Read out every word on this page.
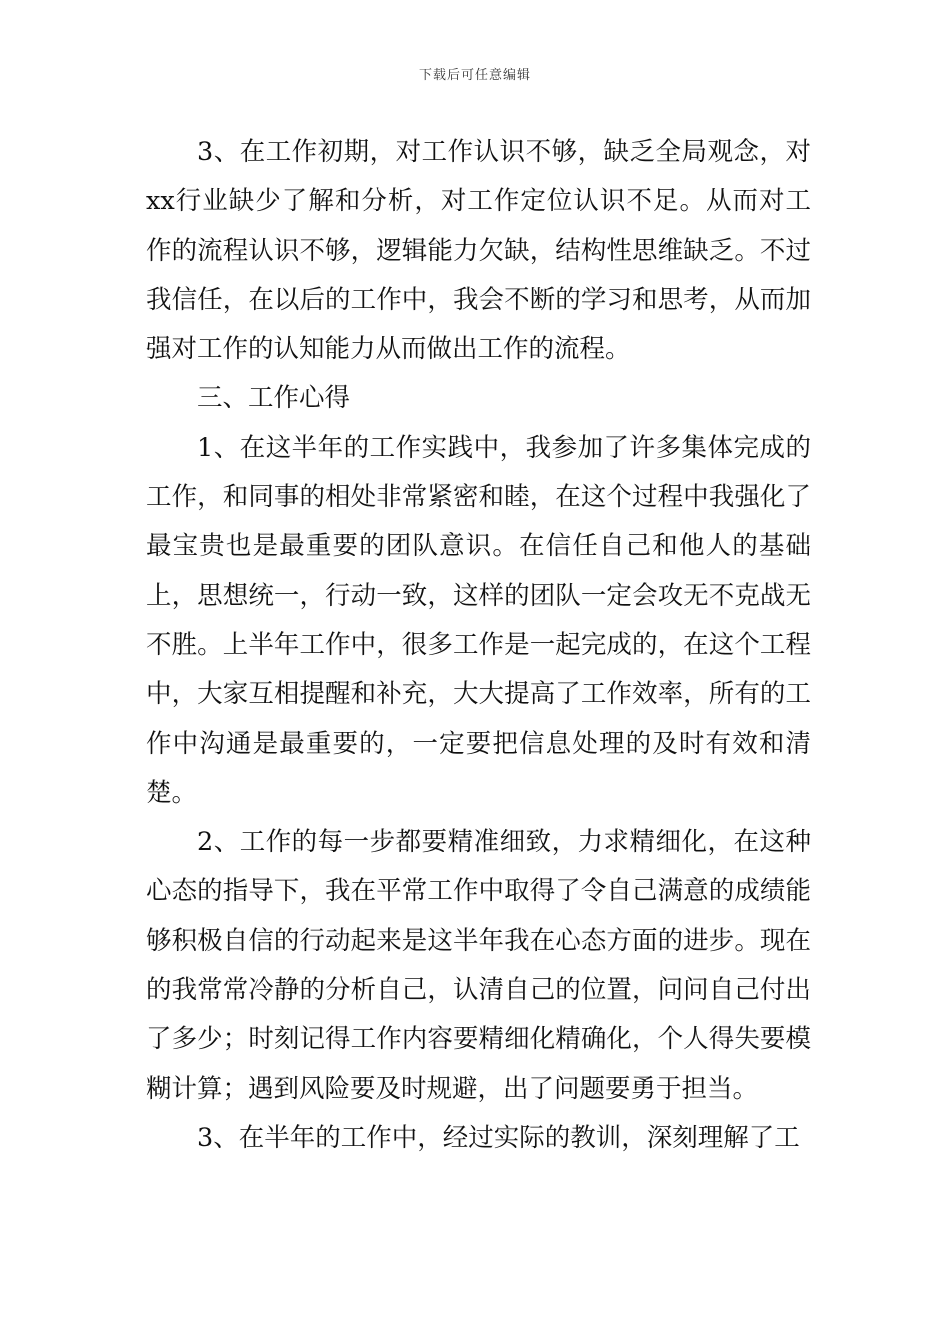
下载后可任意编辑

3、在工作初期，对工作认识不够，缺乏全局观念，对xx行业缺少了解和分析，对工作定位认识不足。从而对工作的流程认识不够，逻辑能力欠缺，结构性思维缺乏。不过我信任，在以后的工作中，我会不断的学习和思考，从而加强对工作的认知能力从而做出工作的流程。

三、工作心得

1、在这半年的工作实践中，我参加了许多集体完成的工作，和同事的相处非常紧密和睦，在这个过程中我强化了最宝贵也是最重要的团队意识。在信任自己和他人的基础上，思想统一，行动一致，这样的团队一定会攻无不克战无不胜。上半年工作中，很多工作是一起完成的，在这个工程中，大家互相提醒和补充，大大提高了工作效率，所有的工作中沟通是最重要的，一定要把信息处理的及时有效和清楚。

2、工作的每一步都要精准细致，力求精细化，在这种心态的指导下，我在平常工作中取得了令自己满意的成绩能够积极自信的行动起来是这半年我在心态方面的进步。现在的我常常冷静的分析自己，认清自己的位置，问问自己付出了多少；时刻记得工作内容要精细化精确化，个人得失要模糊计算；遇到风险要及时规避，出了问题要勇于担当。

3、在半年的工作中，经过实际的教训，深刻理解了工
